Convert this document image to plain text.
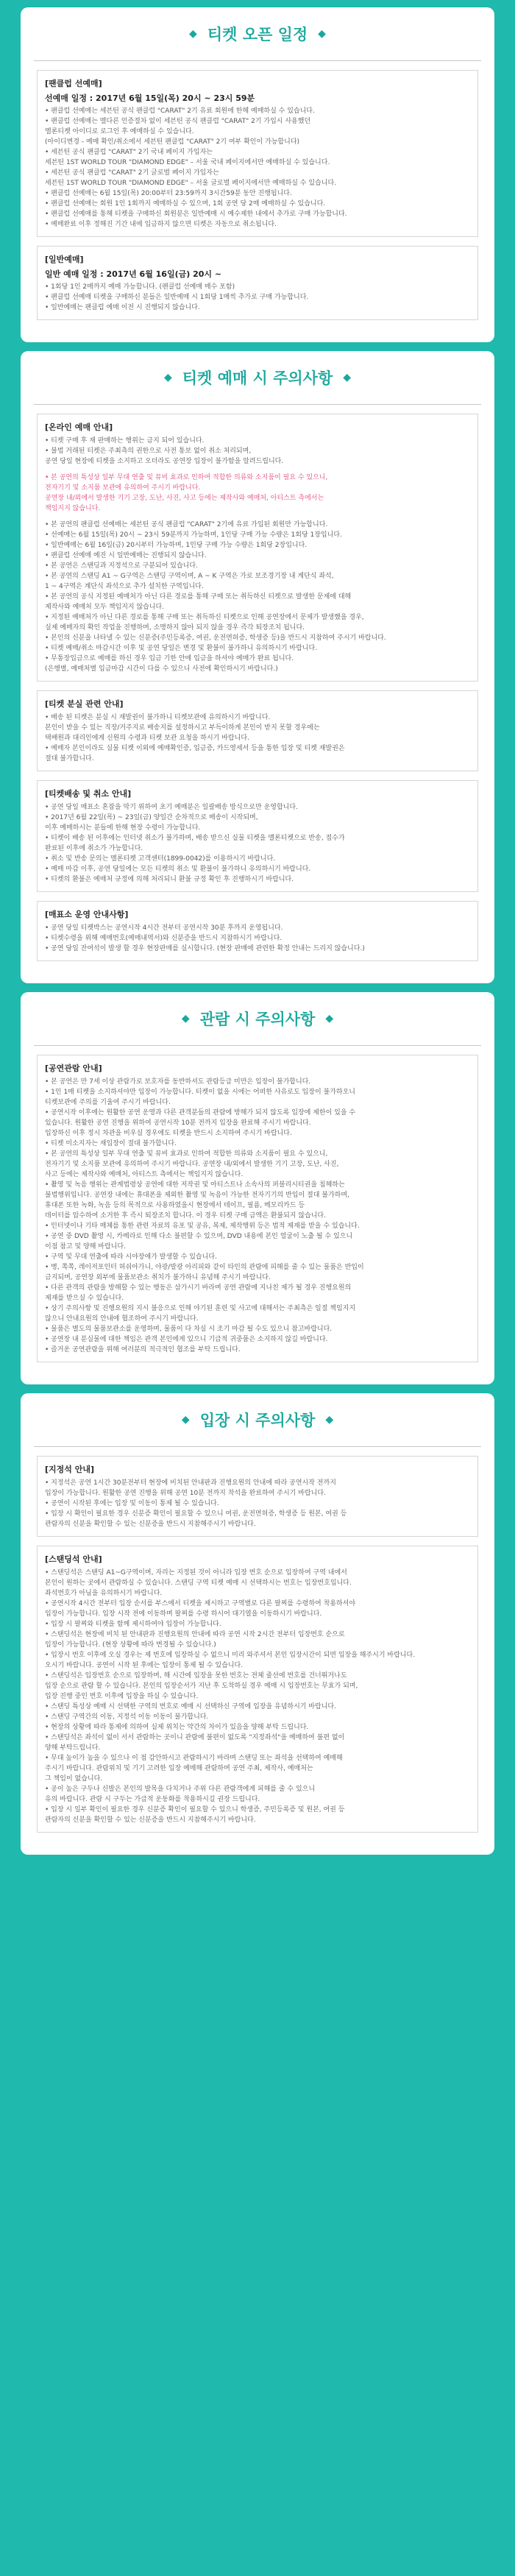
◆ 티켓 오픈 일정 ◆
[팬클럽 선예매]
선예매 일정 : 2017년 6월 15일(목) 20시 ~ 23시 59분
• 팬클럽 선예매는 세븐틴 공식 팬클럽 "CARAT" 2기 유료 회원에 한해 예매하실 수 있습니다.
• 팬클럽 선예매는 멜다른 인증절차 없이 세븐틴 공식 팬클럽 "CARAT" 2기 가입시 사용했던
멜론티켓 아이디로 로그인 후 예매하실 수 있습니다.
(아이디변경 - 예매 확인/취소에서 세븐틴 팬클럽 "CARAT" 2기 여부 확인이 가능합니다)
• 세븐틴 공식 팬클럽 "CARAT" 2기 국내 페이지 가입자는
세븐틴 1ST WORLD TOUR "DIAMOND EDGE" – 서울 국내 페이지에서만 예매하실 수 있습니다.
• 세븐틴 공식 팬클럽 "CARAT" 2기 글로벌 페이지 가입자는
세븐틴 1ST WORLD TOUR "DIAMOND EDGE" – 서울 글로벌 페이지에서만 예매하실 수 있습니다.
• 팬클럽 선예매는 6월 15일(목) 20:00부터 23:59까지 3시간59분 동안 진행됩니다.
• 팬클럽 선예매는 회원 1인 1회까지 예매하실 수 있으며, 1회 공연 당 2매 예매하실 수 있습니다.
• 팬클럽 선예매를 통해 티켓을 구매하신 회원분은 일반예매 시 예수제한 내에서 추가로 구매 가능합니다.
• 예매완료 이후 정해진 기간 내에 입금하지 않으면 티켓은 자동으로 취소됩니다.
[일반예매]
일반 예매 일정 : 2017년 6월 16일(금) 20시 ~
• 1회당 1인 2매까지 예매 가능합니다. (팬클럽 선예매 매수 포함)
• 팬클럽 선예매 티켓을 구매하신 분들은 일반예매 시 1회당 1매씩 추가로 구매 가능합니다.
• 일반예매는 팬클럽 예매 이전 시 진행되지 않습니다.
◆ 티켓 예매 시 주의사항 ◆
[온라인 예매 안내]
• 티켓 구매 후 재 판매하는 행위는 금지 되어 있습니다.
• 불법 거래된 티켓은 주최측의 권한으로 사전 통보 없이 취소 처리되며,
공연 당일 현장에 티켓을 소지하고 오더라도 공연장 입장이 불가함을 알려드립니다.
• 본 공연의 특성상 일부 무대 연출 및 뮤비 효과로 인하여 적합한 의류와 소지품이 필요 수 있으니,
전자기기 및 소지품 보관에 유의하여 주시기 바랍니다.
공연장 내/외에서 발생한 기기 고장, 도난, 사진, 사고 등에는 제작사와 예매처, 아티스트 측에서는
책임지지 않습니다.
• 본 공연의 팬클럽 선예매는 세븐틴 공식 팬클럽 "CARAT" 2기에 유료 가입된 회원만 가능합니다.
• 선예매는 6월 15일(목) 20시 ~ 23시 59분까지 가능하며, 1인당 구매 가능 수량은 1회당 1장입니다.
• 일반예매는 6월 16일(금) 20시부터 가능하며, 1인당 구매 가능 수량은 1회당 2장입니다.
• 팬클럽 선예매 예진 시 일반예매는 진행되지 않습니다.
• 본 공연은 스탠딩과 지정석으로 구분되어 있습니다.
• 본 공연의 스탠딩 A1 ~ G구역은 스탠딩 구역이며, A ~ K 구역은 가로 보조경기장 내 계단식 좌석,
1 ~ 4구역은 계단식 좌석으로 추가 설치한 구역입니다.
• 본 공연의 공식 지정된 예매처가 아닌 다른 경로를 통해 구매 또는 취득하신 티켓으로 발생한 문제에 대해
제작사와 예매처 모두 책임지지 않습니다.
• 지정된 예매처가 아닌 다른 경로를 통해 구매 또는 취득하신 티켓으로 인해 공연장에서 문제가 발생했을 경우,
실제 예매자의 확인 작업을 진행하며, 소명하지 않아 되지 않을 경우 즉각 퇴장조치 됩니다.
• 본인의 신분을 나타낼 수 있는 신분증(주민등록증, 여권, 운전면허증, 학생증 등)을 반드시 지참하여 주시기 바랍니다.
• 티켓 예매/취소 마감시간 이후 및 공연 당일은 변경 및 환불이 불가하니 유의하시기 바랍니다.
• 무통장입금으로 예매를 하신 경우 입금 기한 안에 입금을 하셔야 예매가 완료 됩니다.
(은행별, 예매처별 입금마감 시간이 다를 수 있으니 사전에 확인하시기 바랍니다.)
[티켓 분실 관련 안내]
• 배송 된 티켓은 분실 시 재발권이 불가하니 티켓보관에 유의하시기 바랍니다.
본인이 받을 수 있는 직장/거주지로 배송지를 설정하시고 부득이하게 본인이 받지 못할 경우에는
택배원과 대리인에게 신원의 수령과 티켓 보관 요청을 하시기 바랍니다.
• 예매자 본인이라도 실물 티켓 이외에 예매확인증, 입금증, 카드영세서 등을 통한 입장 및 티켓 재발권은
절대 불가합니다.
[티켓배송 및 취소 안내]
• 공연 당일 매표소 혼잡을 막기 위하여 초기 예매분은 일괄배송 방식으로만 운영합니다.
• 2017년 6월 22일(목) ~ 23일(금) 양일간 순차적으로 배송이 시작되며,
이후 예매하시는 분들에 한해 현장 수령이 가능합니다.
• 티켓이 배송 된 이후에는 인터넷 취소가 불가하며, 배송 받으신 실물 티켓을 멜론티켓으로 반송, 접수가
완료된 이후에 취소가 가능합니다.
• 취소 및 반송 문의는 멜론티켓 고객센터(1899-0042)를 이용하시기 바랍니다.
• 예매 마감 이후, 공연 당일에는 모든 티켓의 취소 및 환불이 불가하니 유의하시기 바랍니다.
• 티켓의 환불은 예매처 규정에 의해 처리되니 환불 규정 확인 후 진행하시기 바랍니다.
[매표소 운영 안내사항]
• 공연 당일 티켓박스는 공연시작 4시간 전부터 공연시작 30분 후까지 운영됩니다.
• 티켓수령을 위해 예매번호(예매내역서)와 신분증을 반드시 지참하시기 바랍니다.
• 공연 당일 잔여석이 발생 할 경우 현장판매를 실시합니다. (현장 판매에 관련한 확정 안내는 드리지 않습니다.)
◆ 관람 시 주의사항 ◆
[공연관람 안내]
• 본 공연은 만 7세 이상 관람가로 보호자를 동반하셔도 관람등급 미만은 입장이 불가합니다.
• 1인 1매 티켓을 소지하셔야만 입장이 가능합니다. 티켓이 없을 시에는 어떠한 사유로도 입장이 불가하오니
티켓보관에 주의를 기울여 주시기 바랍니다.
• 공연시작 이후에는 원활한 공연 운영과 다른 관객분들의 관람에 방해가 되지 않도록 입장에 제한이 있을 수
있습니다. 원활한 공연 진행을 위하여 공연시작 10분 전까지 입장을 완료해 주시기 바랍니다.
입장하신 이후 정시 차관을 비우실 경우에도 티켓을 반드시 소지하여 주시기 바랍니다.
• 티켓 미소지자는 재입장이 절대 불가합니다.
• 본 공연의 특성상 일부 무대 연출 및 뮤비 효과로 인하여 적합한 의류와 소지품이 필요 수 있으니,
전자기기 및 소지품 보관에 유의하여 주시기 바랍니다. 공연장 내/외에서 발생한 기기 고장, 도난, 사진,
사고 등에는 제작사와 예매처, 아티스트 측에서는 책임지지 않습니다.
• 촬영 및 녹음 행위는 관계법령상 공연에 대한 저작권 및 아티스트나 소속사의 퍼블리시티권을 침해하는
불법행위입니다. 공연장 내에는 휴대폰을 제외한 촬영 및 녹음이 가능한 전자기기의 반입이 절대 불가하며,
휴대폰 또한 녹화, 녹음 등의 목적으로 사용하였을시 현장에서 테이프, 필름, 메모리카드 등
데이터를 압수하여 소거한 후 즉시 퇴장조치 합니다. 이 경우 티켓 구매 금액은 환불되지 않습니다.
• 인터넷이나 기타 매체를 통한 관련 자료의 유포 및 공유, 복제, 제작행위 등은 법적 제재를 받을 수 있습니다.
• 공연 중 DVD 촬영 시, 카메라로 인해 다소 불편할 수 있으며, DVD 내용에 본인 얼굴이 노출 될 수 있으니
이점 참고 및 양해 바랍니다.
• 구역 및 무대 연출에 따라 시야장애가 발생할 수 있습니다.
• 병, 쪽쪽, 레이저포인터 허쉬아가니, 야광/발광 아리피와 같이 타인의 관람에 피해를 줄 수 있는 물품은 반입이
금지되며, 공연장 외부에 물품보관소 취치가 불가하니 유념해 주시기 바랍니다.
• 다른 관객의 관람을 방해할 수 있는 행동은 삼가시기 바라며 공연 관람에 지나친 제가 될 경우 진행요원의
제재를 받으실 수 있습니다.
• 상기 주의사항 및 진행요원의 지시 불응으로 인해 야기된 훈련 및 사고에 대해서는 주최측은 일절 책임지지
않으니 안내요원의 안내에 협조하여 주시기 바랍니다.
• 물품은 별도의 물품보관소를 운영하며, 물품이 다 차실 시 조기 마감 될 수도 있으니 참고바랍니다.
• 공연장 내 분실물에 대한 책임은 관객 본인에게 있으니 기급적 귀중품은 소지하지 않길 바랍니다.
• 즐거운 공연관람을 위해 여러분의 적극적인 협조를 부탁 드립니다.
◆ 입장 시 주의사항 ◆
[지정석 안내]
• 지정석은 공연 1시간 30분전부터 현장에 비치된 안내판과 진행요원의 안내에 따라 공연시작 전까지
입장이 가능합니다. 원활한 공연 진행을 위해 공연 10분 전까지 착석을 완료하여 주시기 바랍니다.
• 공연이 시작된 후에는 입장 및 이동이 통제 될 수 있습니다.
• 입장 시 확인이 필요한 경우 신분증 확인이 필요할 수 있으니 여권, 운전면허증, 학생증 등 원본, 여권 등
관람자의 신분을 확인할 수 있는 신분증을 반드시 지참해주시기 바랍니다.
[스탠딩석 안내]
• 스탠딩석은 스탠딩 A1~G구역이며, 자리는 지정된 것이 아니라 입장 번호 순으로 입장하여 구역 내에서
본인이 원하는 곳에서 관람하실 수 있습니다. 스탠딩 구역 티켓 예매 시 선택하시는 번호는 입장번호입니다.
좌석번호가 아님을 유의하시기 바랍니다.
• 공연시작 4시간 전부터 입장 순서를 부스에서 티켓을 제시하고 구역별로 다른 팔찌를 수령하여 착용하셔야
입장이 가능합니다. 입장 시작 전에 이동하며 팔찌를 수령 하시어 대기열을 이동하시기 바랍니다.
• 입장 시 팔찌와 티켓을 함께 제시하여야 입장이 가능합니다.
• 스탠딩석은 현장에 비치 된 안내판과 진행요원의 안내에 따라 공연 시작 2시간 전부터 입장번호 순으로
입장이 가능합니다. (현장 상황에 따라 변경될 수 있습니다.)
• 입장시 번호 이후에 오실 경우는 제 번호에 입장하실 수 없으니 미리 와주셔서 본인 입장시간이 되면 입장을 해주시기 바랍니다.
오시기 바랍니다. 공연이 시작 된 후에는 입장이 통제 될 수 있습니다.
• 스탠딩석은 입장번호 순으로 입장하며, 해 시간에 입장을 못한 번호는 전체 줄선에 번호를 건너뛰거나도
입장 순으로 관람 할 수 있습니다. 본인의 입장순서가 지난 후 도착하실 경우 예매 시 입장번호는 무효가 되며,
입장 진행 중인 번호 이후에 입장을 하실 수 있습니다.
• 스탠딩 특성상 예매 시 선택한 구역의 번호로 예매 시 선택하신 구역에 입장을 유념하시기 바랍니다.
• 스탠딩 구역간의 이동, 지정석 이동 이동이 불가합니다.
• 현장의 상황에 따라 통제에 의하여 실제 위치는 약간의 차이가 있음을 양해 부탁 드립니다.
• 스탠딩석은 좌석이 없이 서서 관람하는 곳이니 관람에 불편이 없도록 "지정좌석"을 예매하여 불편 없이
양해 부탁드립니다.
• 무대 높이가 높을 수 있으나 이 점 감안하시고 관람하시기 바라며 스탠딩 또는 좌석을 선택하여 예매해
주시기 바랍니다. 관람위치 및 기기 고려한 입장 예매해 관람하며 공연 주최, 제작사, 예매처는
그 책임이 없습니다.
• 공이 높은 구두나 신발은 본인의 발목을 다치거나 주위 다른 관람객에게 피해를 줄 수 있으니
유의 바랍니다. 관람 시 구두는 가급적 운동화를 착용하시길 권장 드립니다.
• 입장 시 일부 확인이 필요한 경우 신분증 확인이 필요할 수 있으니 학생증, 주민등록증 및 원본, 여권 등
관람자의 신분을 확인할 수 있는 신분증을 반드시 지참해주시기 바랍니다.
